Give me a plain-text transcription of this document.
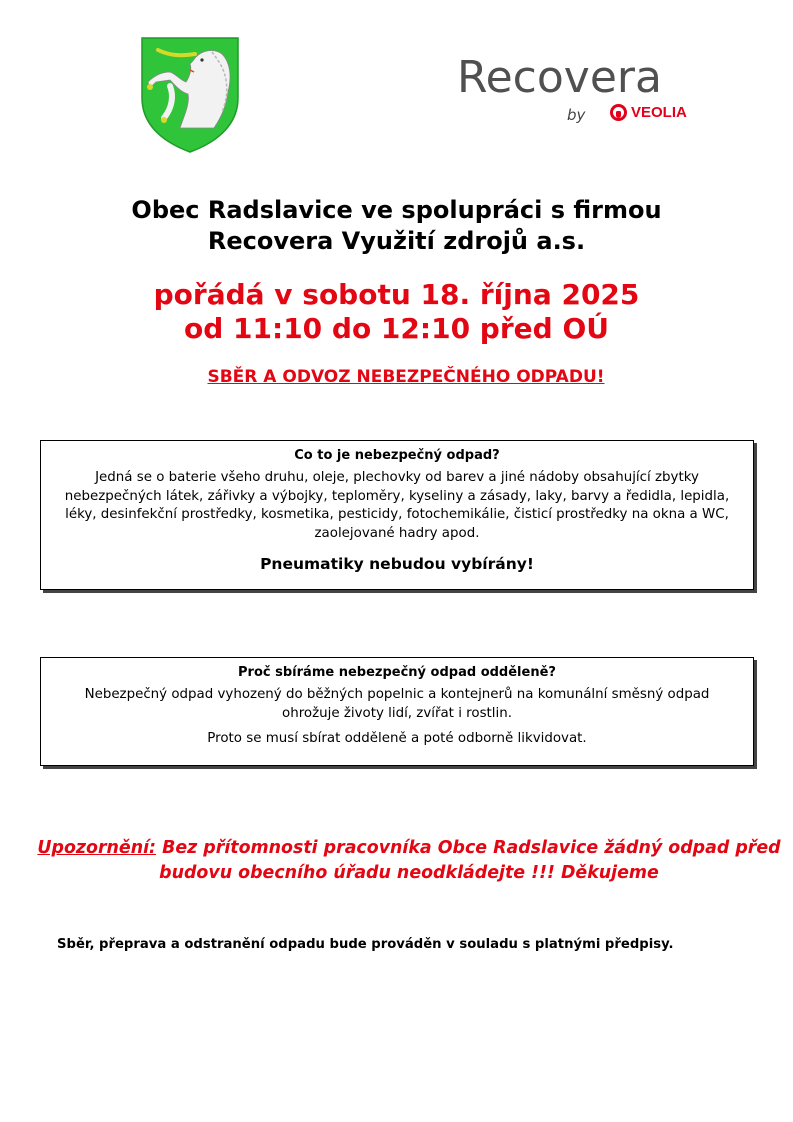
Recovera
by	VEOLIA
Obec Radslavice ve spolupráci s firmou
Recovera Využití zdrojů a.s.
pořádá v sobotu 18. října 2025
od 11:10 do 12:10 před OÚ
SBĚR A ODVOZ NEBEZPEČNÉHO ODPADU!
Co to je nebezpečný odpad?
Jedná se o baterie všeho druhu, oleje, plechovky od barev a jiné nádoby obsahující zbytky nebezpečných látek, zářivky a výbojky, teploměry, kyseliny a zásady, laky, barvy a ředidla, lepidla, léky, desinfekční prostředky, kosmetika, pesticidy, fotochemikálie, čisticí prostředky na okna a WC, zaolejované hadry apod.
Pneumatiky nebudou vybírány!
Proč sbíráme nebezpečný odpad odděleně?
Nebezpečný odpad vyhozený do běžných popelnic a kontejnerů na komunální směsný odpad ohrožuje životy lidí, zvířat i rostlin.
Proto se musí sbírat odděleně a poté odborně likvidovat.
Upozornění: Bez přítomnosti pracovníka Obce Radslavice žádný odpad před budovu obecního úřadu neodkládejte !!! Děkujeme
Sběr, přeprava a odstranění odpadu bude prováděn v souladu s platnými předpisy.
